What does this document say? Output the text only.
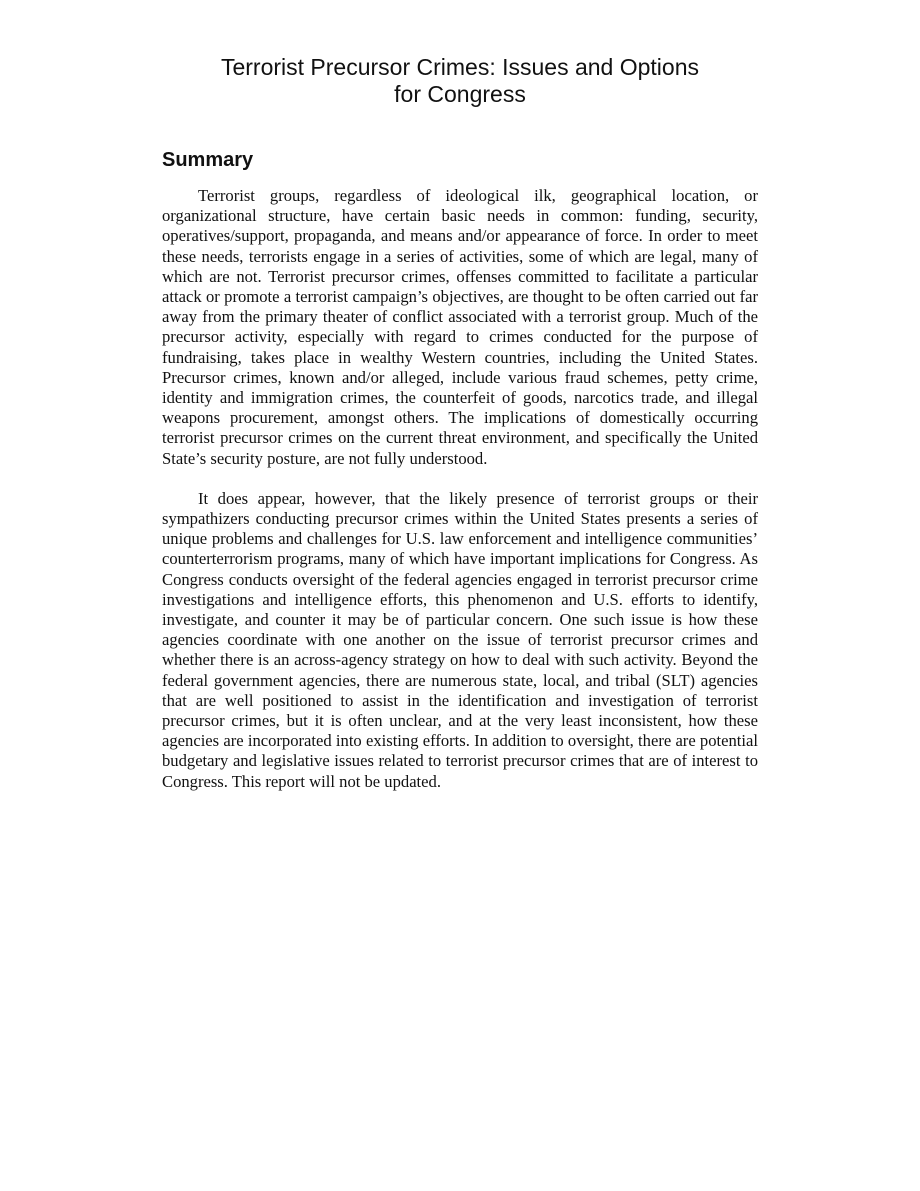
Terrorist Precursor Crimes: Issues and Options
for Congress
Summary

Terrorist groups, regardless of ideological ilk, geographical location, or organizational structure, have certain basic needs in common: funding, security, operatives/support, propaganda, and means and/or appearance of force. In order to meet these needs, terrorists engage in a series of activities, some of which are legal, many of which are not. Terrorist precursor crimes, offenses committed to facilitate a particular attack or promote a terrorist campaign’s objectives, are thought to be often carried out far away from the primary theater of conflict associated with a terrorist group. Much of the precursor activity, especially with regard to crimes conducted for the purpose of fundraising, takes place in wealthy Western countries, including the United States. Precursor crimes, known and/or alleged, include various fraud schemes, petty crime, identity and immigration crimes, the counterfeit of goods, narcotics trade, and illegal weapons procurement, amongst others. The implications of domestically occurring terrorist precursor crimes on the current threat environment, and specifically the United State’s security posture, are not fully understood.

It does appear, however, that the likely presence of terrorist groups or their sympathizers conducting precursor crimes within the United States presents a series of unique problems and challenges for U.S. law enforcement and intelligence communities’ counterterrorism programs, many of which have important implications for Congress. As Congress conducts oversight of the federal agencies engaged in terrorist precursor crime investigations and intelligence efforts, this phenomenon and U.S. efforts to identify, investigate, and counter it may be of particular concern. One such issue is how these agencies coordinate with one another on the issue of terrorist precursor crimes and whether there is an across-agency strategy on how to deal with such activity. Beyond the federal government agencies, there are numerous state, local, and tribal (SLT) agencies that are well positioned to assist in the identification and investigation of terrorist precursor crimes, but it is often unclear, and at the very least inconsistent, how these agencies are incorporated into existing efforts. In addition to oversight, there are potential budgetary and legislative issues related to terrorist precursor crimes that are of interest to Congress. This report will not be updated.
